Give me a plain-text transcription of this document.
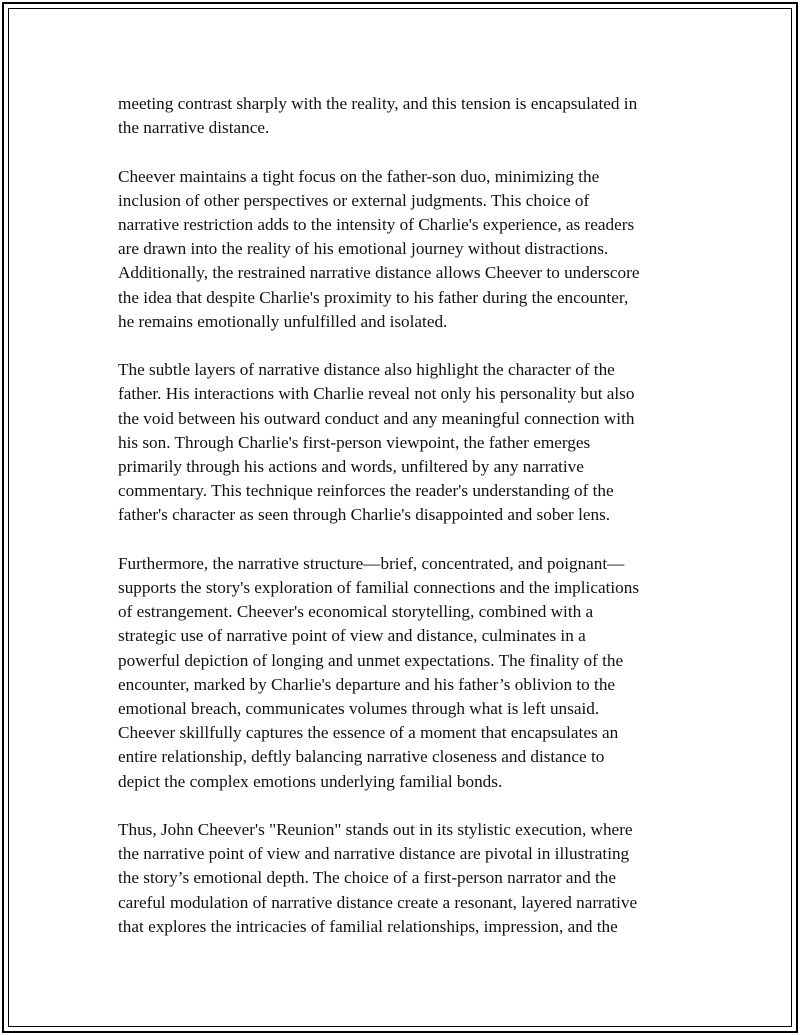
meeting contrast sharply with the reality, and this tension is encapsulated in
the narrative distance.

Cheever maintains a tight focus on the father-son duo, minimizing the
inclusion of other perspectives or external judgments. This choice of
narrative restriction adds to the intensity of Charlie's experience, as readers
are drawn into the reality of his emotional journey without distractions.
Additionally, the restrained narrative distance allows Cheever to underscore
the idea that despite Charlie's proximity to his father during the encounter,
he remains emotionally unfulfilled and isolated.

The subtle layers of narrative distance also highlight the character of the
father. His interactions with Charlie reveal not only his personality but also
the void between his outward conduct and any meaningful connection with
his son. Through Charlie's first-person viewpoint, the father emerges
primarily through his actions and words, unfiltered by any narrative
commentary. This technique reinforces the reader's understanding of the
father's character as seen through Charlie's disappointed and sober lens.

Furthermore, the narrative structure—brief, concentrated, and poignant—
supports the story's exploration of familial connections and the implications
of estrangement. Cheever's economical storytelling, combined with a
strategic use of narrative point of view and distance, culminates in a
powerful depiction of longing and unmet expectations. The finality of the
encounter, marked by Charlie's departure and his father’s oblivion to the
emotional breach, communicates volumes through what is left unsaid.
Cheever skillfully captures the essence of a moment that encapsulates an
entire relationship, deftly balancing narrative closeness and distance to
depict the complex emotions underlying familial bonds.

Thus, John Cheever's "Reunion" stands out in its stylistic execution, where
the narrative point of view and narrative distance are pivotal in illustrating
the story’s emotional depth. The choice of a first-person narrator and the
careful modulation of narrative distance create a resonant, layered narrative
that explores the intricacies of familial relationships, impression, and the
